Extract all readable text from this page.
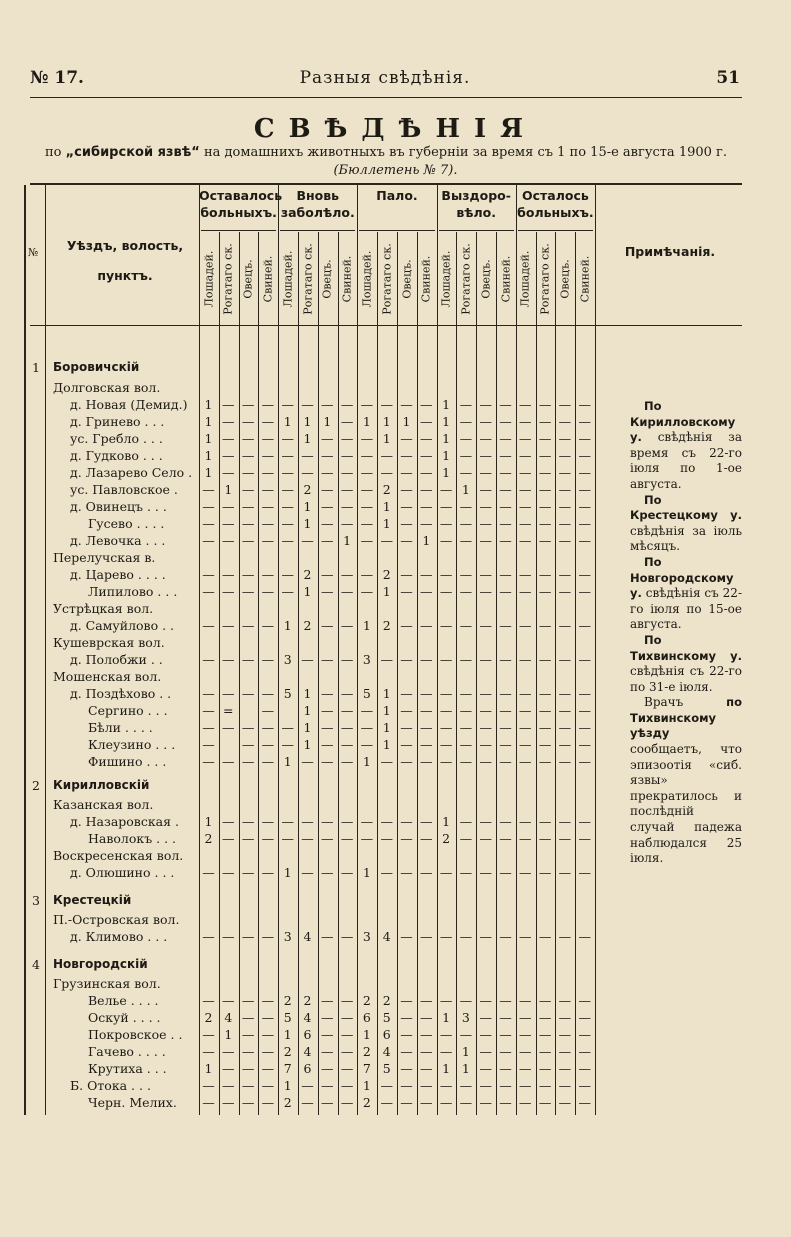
№ 17.	Разныя свѣдѣнія.	51
СВѢДѢНІЯ
по „сибирской язвѣ“ на домашнихъ животныхъ въ губерніи за время съ 1 по 15-е августа 1900 г.
(Бюллетень № 7).
№	Уѣздъ, волость, пунктъ.
Примѣчанія.
Оставалось больныхъ.
Лошадей. Рогатаго ск. Овецъ. Свиней.
Вновь заболѣло.
Лошадей. Рогатаго ск. Овецъ. Свиней.
Пало.
Лошадей. Рогатаго ск. Овецъ. Свиней.
Выздоро-вѣло.
Лошадей. Рогатаго ск. Овецъ. Свиней.
Осталось больныхъ.
Лошадей. Рогатаго ск. Овецъ. Свиней.
1 Боровичскій
Долговская вол.
д. Новая (Демид.)	1 — — — — — — — — — — — 1 — — — — — — —
д. Гринево . . .	1 — — — 1 1 1 — 1 1 1 — 1 — — — — — — —
ус. Гребло . . .	1 — — — — 1 — — — 1 — — 1 — — — — — — —
д. Гудково . . .	1 — — — — — — — — — — — 1 — — — — — — —
д. Лазарево Село . 1 — — — — — — — — — — — 1 — — — — — — —
ус. Павловское . — 1 — — — 2 — — — 2 — — — 1 — — — — — —
д. Овинецъ . . .	— — — — — 1 — — — 1 — — — — — — — — — —
Гусево . . . .	— — — — — 1 — — — 1 — — — — — — — — — —
д. Левочка . . .	— — — — — — — 1 — — — 1 — — — — — — — —
Перелучская в.
д. Царево . . . .	— — — — — 2 — — — 2 — — — — — — — — — —
Липилово . . . — — — — — 1 — — — 1 — — — — — — — — — —
Устрѣцкая вол.
д. Самуйлово . . — — — — 1 2 — — 1 2 — — — — — — — — — —
Кушеврская вол.
д. Полобжи . .	— — — — 3 — — — 3 — — — — — — — — — — —
Мошенская вол.
д. Поздѣхово . . — — — — 5 1 — — 5 1 — — — — — — — — — —
Сергино . . .	— =	—	1 — — — 1 — — — — — — — — — —
Бѣли . . . .	— — — — — 1 — — — 1 — — — — — — — — — —
Клеузино . . . — — — — 1 — — — 1 — — — — — — — — — —
Фишино . . .	— — — — 1 — — — 1 — — — — — — — — — — —
2 Кирилловскій
Казанская вол.
д. Назаровская .	1 — — — — — — — — — — — 1 — — — — — — —
Наволокъ . . .	2 — — — — — — — — — — — 2 — — — — — — —
Воскресенская вол.
д. Олюшино . . . — — — — 1 — — — 1 — — — — — — — — — — —
3 Крестецкій
П.-Островская вол.
д. Климово . . .	— — — — 3 4 — — 3 4 — — — — — — — — — —
4 Новгородскій
Грузинская вол.
Велье . . . .	— — — — 2 2 — — 2 2 — — — — — — — — — —
Оскуй . . . .	2 4 — — 5 4 — — 6 5 — — 1 3 — — — — — —
Покровское . . — 1 — — 1 6 — — 1 6 — — — — — — — — — —
Гачево . . . .	— — — — 2 4 — — 2 4 — — — 1 — — — — — —
Крутиха . . .	1 — — — 7 6 — — 7 5 — — 1 1 — — — — — —
Б. Отока . . .	— — — — 1 — — — 1 — — — — — — — — — — —
Черн. Мелих. — — — — 2 — — — 2 — — — — — — — — — — —

По Кирилловскому у. свѣдѣнія за время съ 22-го іюля по 1-ое августа.

По Крестецкому у. свѣдѣнія за іюль мѣсяцъ.

По Новгородскому у. свѣдѣнія съ 22-го іюля по 15-ое августа.

По Тихвинскому у. свѣдѣнія съ 22-го по 31-е іюля.

Врачъ по Тихвинскому уѣзду сообщаетъ, что эпизоотія «сиб. язвы» прекратилось и послѣдній случай падежа наблюдался 25 іюля.
